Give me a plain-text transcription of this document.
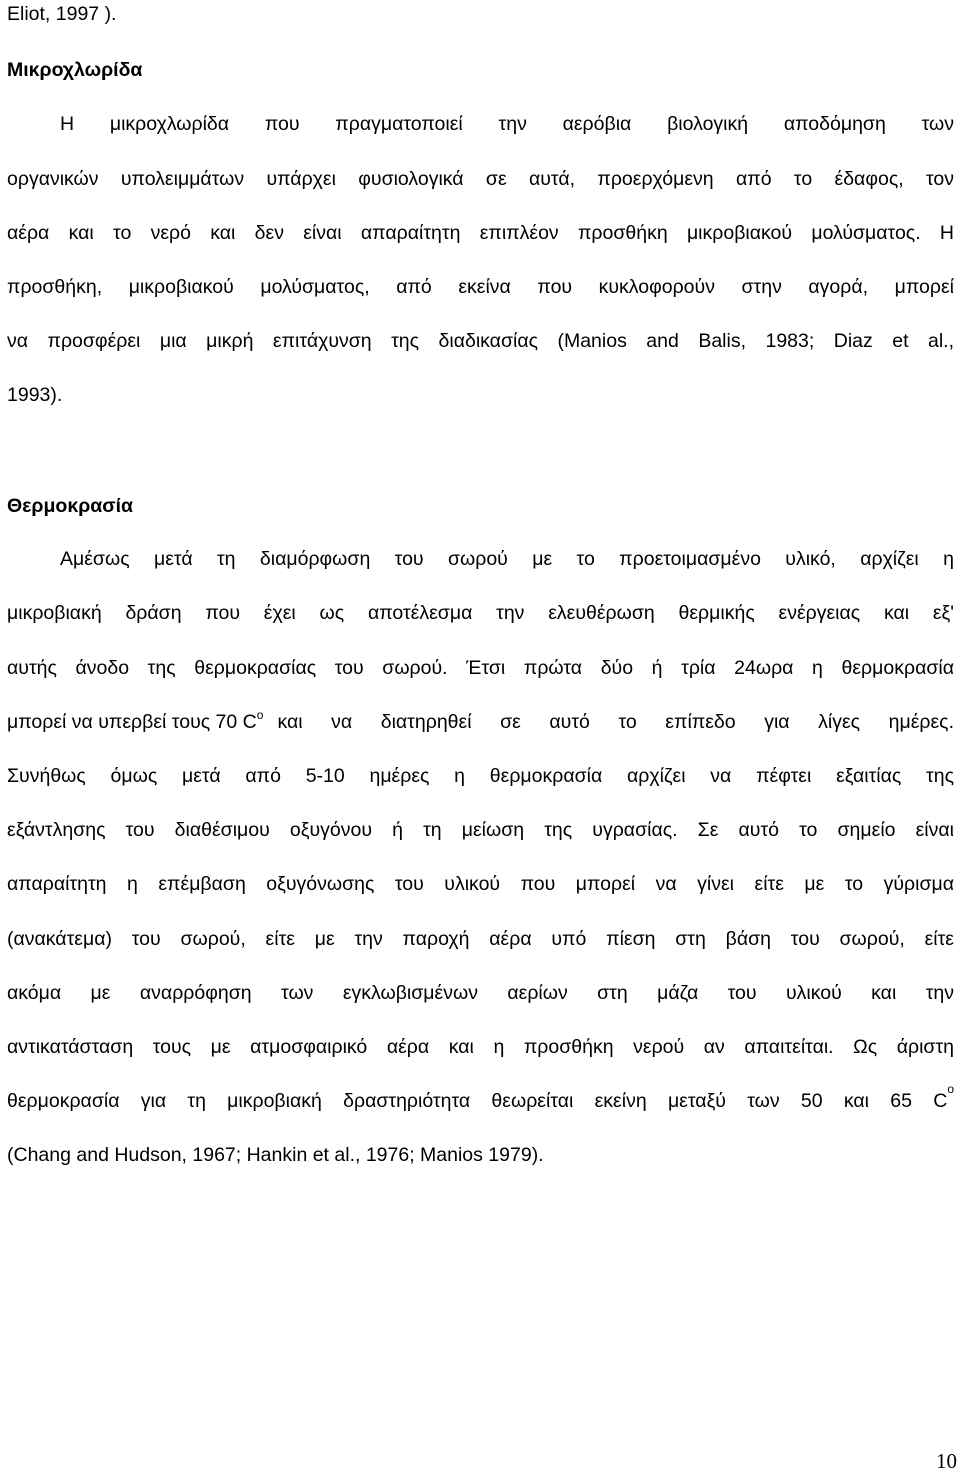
Eliot, 1997 ).
Μικροχλωρίδα
Η μικροχλωρίδα που πραγματοποιεί την αερόβια βιολογική αποδόμηση των
οργανικών υπολειμμάτων υπάρχει φυσιολογικά σε αυτά, προερχόμενη από το έδαφος, τον
αέρα και το νερό και δεν είναι απαραίτητη επιπλέον προσθήκη μικροβιακού μολύσματος. Η
προσθήκη, μικροβιακού μολύσματος, από εκείνα που κυκλοφορούν στην αγορά, μπορεί
να προσφέρει μια μικρή επιτάχυνση της διαδικασίας (Manios and Balis, 1983; Diaz et al.,
1993).
Θερμοκρασία
Αμέσως μετά τη διαμόρφωση του σωρού με το προετοιμασμένο υλικό, αρχίζει η
μικροβιακή δράση που έχει ως αποτέλεσμα την ελευθέρωση θερμικής ενέργειας και εξ'
αυτής άνοδο της θερμοκρασίας του σωρού. Έτσι πρώτα δύο ή τρία 24ωρα η θερμοκρασία
μπορεί να υπερβεί τους 70 $C^o$ και να διατηρηθεί σε αυτό το επίπεδο για λίγες ημέρες.
Συνήθως όμως μετά από 5-10 ημέρες η θερμοκρασία αρχίζει να πέφτει εξαιτίας της
εξάντλησης του διαθέσιμου οξυγόνου ή τη μείωση της υγρασίας. Σε αυτό το σημείο είναι
απαραίτητη η επέμβαση οξυγόνωσης του υλικού που μπορεί να γίνει είτε με το γύρισμα
(ανακάτεμα) του σωρού, είτε με την παροχή αέρα υπό πίεση στη βάση του σωρού, είτε
ακόμα με αναρρόφηση των εγκλωβισμένων αερίων στη μάζα του υλικού και την
αντικατάσταση τους με ατμοσφαιρικό αέρα και η προσθήκη νερού αν απαιτείται. Ως άριστη
θερμοκρασία για τη μικροβιακή δραστηριότητα θεωρείται εκείνη μεταξύ των 50 και 65 C
o
(Chang and Hudson, 1967; Hankin et al., 1976; Manios 1979).
10
